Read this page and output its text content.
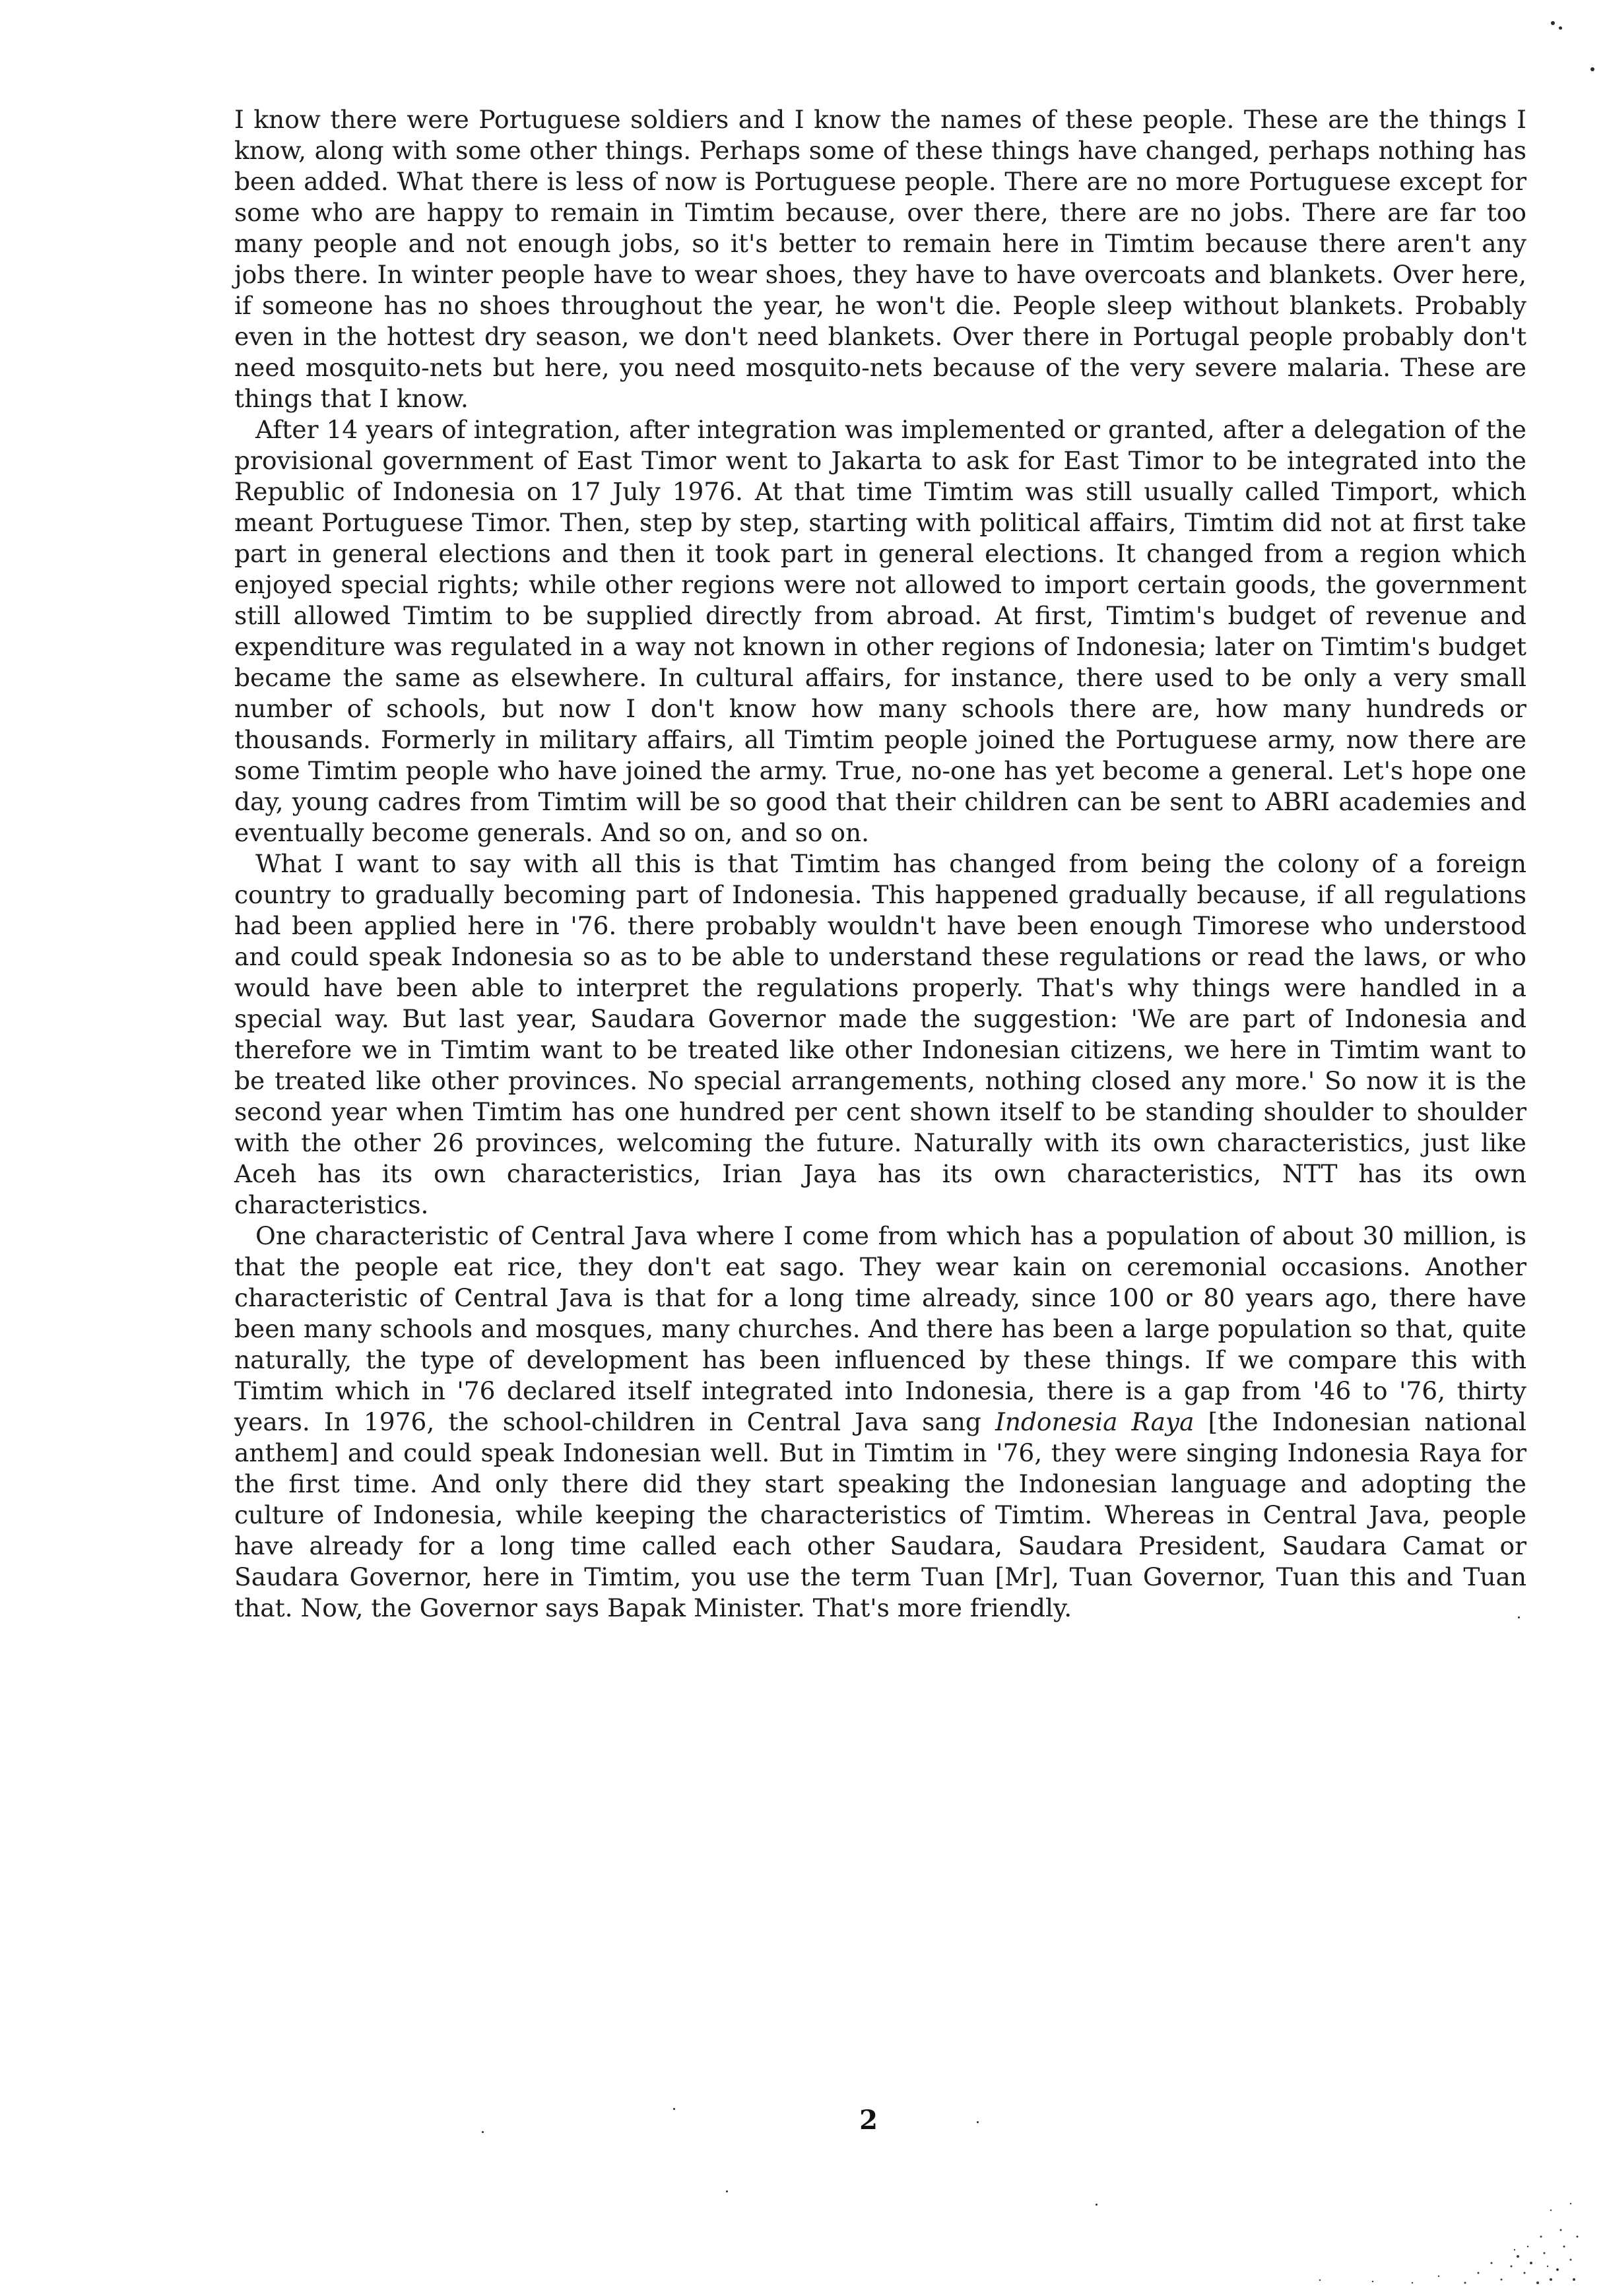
I know there were Portuguese soldiers and I know the names of these people. These are the things I know, along with some other things. Perhaps some of these things have changed, perhaps nothing has been added. What there is less of now is Portuguese people. There are no more Portuguese except for some who are happy to remain in Timtim because, over there, there are no jobs. There are far too many people and not enough jobs, so it's better to remain here in Timtim because there aren't any jobs there. In winter people have to wear shoes, they have to have overcoats and blankets. Over here, if someone has no shoes throughout the year, he won't die. People sleep without blankets. Probably even in the hottest dry season, we don't need blankets. Over there in Portugal people probably don't need mosquito-nets but here, you need mosquito-nets because of the very severe malaria. These are things that I know.

After 14 years of integration, after integration was implemented or granted, after a delegation of the provisional government of East Timor went to Jakarta to ask for East Timor to be integrated into the Republic of Indonesia on 17 July 1976. At that time Timtim was still usually called Timport, which meant Portuguese Timor. Then, step by step, starting with political affairs, Timtim did not at first take part in general elections and then it took part in general elections. It changed from a region which enjoyed special rights; while other regions were not allowed to import certain goods, the government still allowed Timtim to be supplied directly from abroad. At first, Timtim's budget of revenue and expenditure was regulated in a way not known in other regions of Indonesia; later on Timtim's budget became the same as elsewhere. In cultural affairs, for instance, there used to be only a very small number of schools, but now I don't know how many schools there are, how many hundreds or thousands. Formerly in military affairs, all Timtim people joined the Portuguese army, now there are some Timtim people who have joined the army. True, no-one has yet become a general. Let's hope one day, young cadres from Timtim will be so good that their children can be sent to ABRI academies and eventually become generals. And so on, and so on.

What I want to say with all this is that Timtim has changed from being the colony of a foreign country to gradually becoming part of Indonesia. This happened gradually because, if all regulations had been applied here in '76. there probably wouldn't have been enough Timorese who understood and could speak Indonesia so as to be able to understand these regulations or read the laws, or who would have been able to interpret the regulations properly. That's why things were handled in a special way. But last year, Saudara Governor made the suggestion: 'We are part of Indonesia and therefore we in Timtim want to be treated like other Indonesian citizens, we here in Timtim want to be treated like other provinces. No special arrangements, nothing closed any more.' So now it is the second year when Timtim has one hundred per cent shown itself to be standing shoulder to shoulder with the other 26 provinces, welcoming the future. Naturally with its own characteristics, just like Aceh has its own characteristics, Irian Jaya has its own characteristics, NTT has its own characteristics.

One characteristic of Central Java where I come from which has a population of about 30 million, is that the people eat rice, they don't eat sago. They wear kain on ceremonial occasions. Another characteristic of Central Java is that for a long time already, since 100 or 80 years ago, there have been many schools and mosques, many churches. And there has been a large population so that, quite naturally, the type of development has been influenced by these things. If we compare this with Timtim which in '76 declared itself integrated into Indonesia, there is a gap from '46 to '76, thirty years. In 1976, the school-children in Central Java sang Indonesia Raya [the Indonesian national anthem] and could speak Indonesian well. But in Timtim in '76, they were singing Indonesia Raya for the first time. And only there did they start speaking the Indonesian language and adopting the culture of Indonesia, while keeping the characteristics of Timtim. Whereas in Central Java, people have already for a long time called each other Saudara, Saudara President, Saudara Camat or Saudara Governor, here in Timtim, you use the term Tuan [Mr], Tuan Governor, Tuan this and Tuan that. Now, the Governor says Bapak Minister. That's more friendly.

2
